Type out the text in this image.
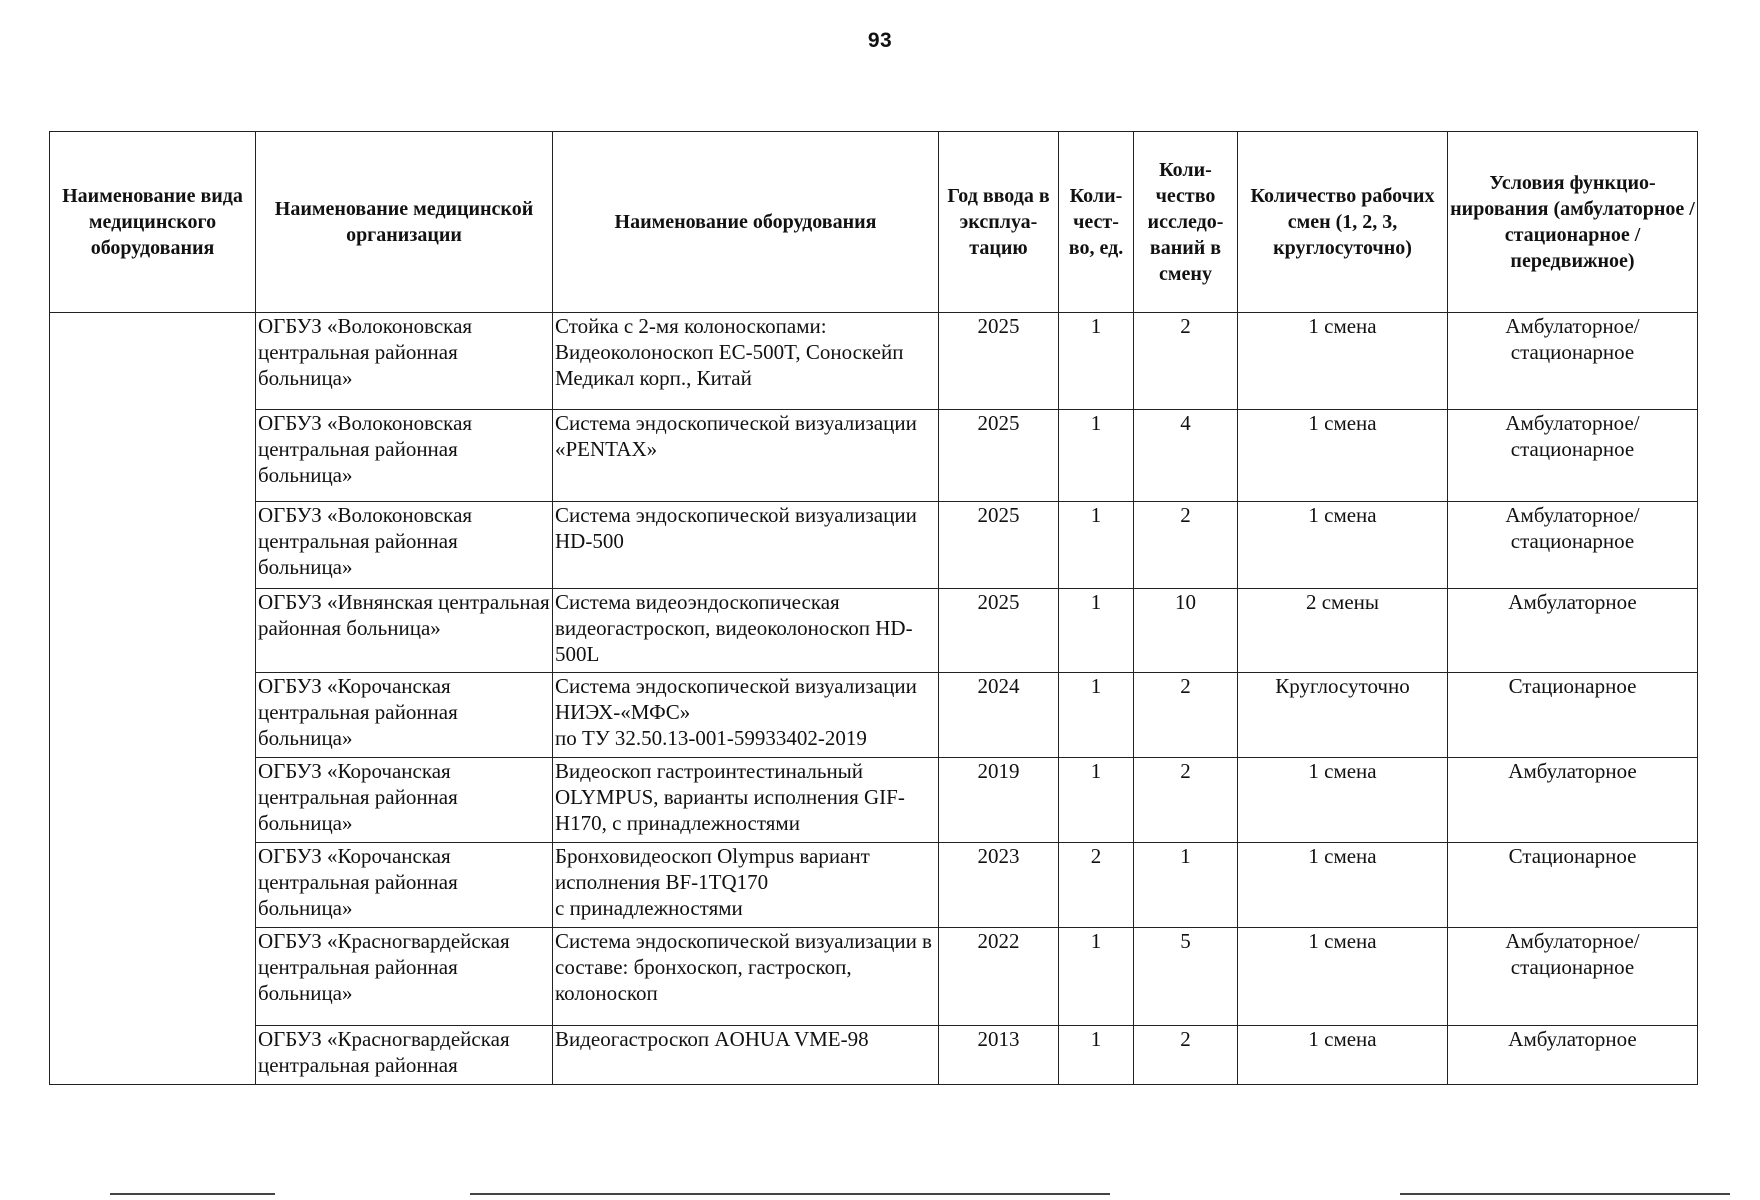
93
Наименование вида медицинского оборудования	Наименование медицинской организации	Наименование оборудования	Год ввода в эксплуа-тацию	Коли-чест-во, ед.	Коли-чество исследо-ваний в смену	Количество рабочих смен (1, 2, 3, круглосуточно)	Условия функцио-нирования (амбулаторное / стационарное / передвижное)
	ОГБУЗ «Волоконовская центральная районная больница»	Стойка с 2-мя колоноскопами: Видеоколоноскоп EC-500T, Соноскейп Медикал корп., Китай	2025	1	2	1 смена	Амбулаторное/ стационарное
	ОГБУЗ «Волоконовская центральная районная больница»	Система эндоскопической визуализации «PENTAX»	2025	1	4	1 смена	Амбулаторное/ стационарное
	ОГБУЗ «Волоконовская центральная районная больница»	Система эндоскопической визуализации HD-500	2025	1	2	1 смена	Амбулаторное/ стационарное
	ОГБУЗ «Ивнянская центральная районная больница»	Система видеоэндоскопическая видеогастроскоп, видеоколоноскоп HD-500L	2025	1	10	2 смены	Амбулаторное
	ОГБУЗ «Корочанская центральная районная больница»	Система эндоскопической визуализации НИЭХ-«МФС»
по ТУ 32.50.13-001-59933402-2019	2024	1	2	Круглосуточно	Стационарное
	ОГБУЗ «Корочанская центральная районная больница»	Видеоскоп гастроинтестинальный OLYMPUS, варианты исполнения GIF-H170, с принадлежностями	2019	1	2	1 смена	Амбулаторное
	ОГБУЗ «Корочанская центральная районная больница»	Бронховидеоскоп Olympus вариант исполнения BF-1TQ170
с принадлежностями	2023	2	1	1 смена	Стационарное
	ОГБУЗ «Красногвардейская центральная районная больница»	Система эндоскопической визуализации в составе: бронхоскоп, гастроскоп, колоноскоп	2022	1	5	1 смена	Амбулаторное/ стационарное
	ОГБУЗ «Красногвардейская центральная районная	Видеогастроскоп AOHUA VME-98	2013	1	2	1 смена	Амбулаторное
